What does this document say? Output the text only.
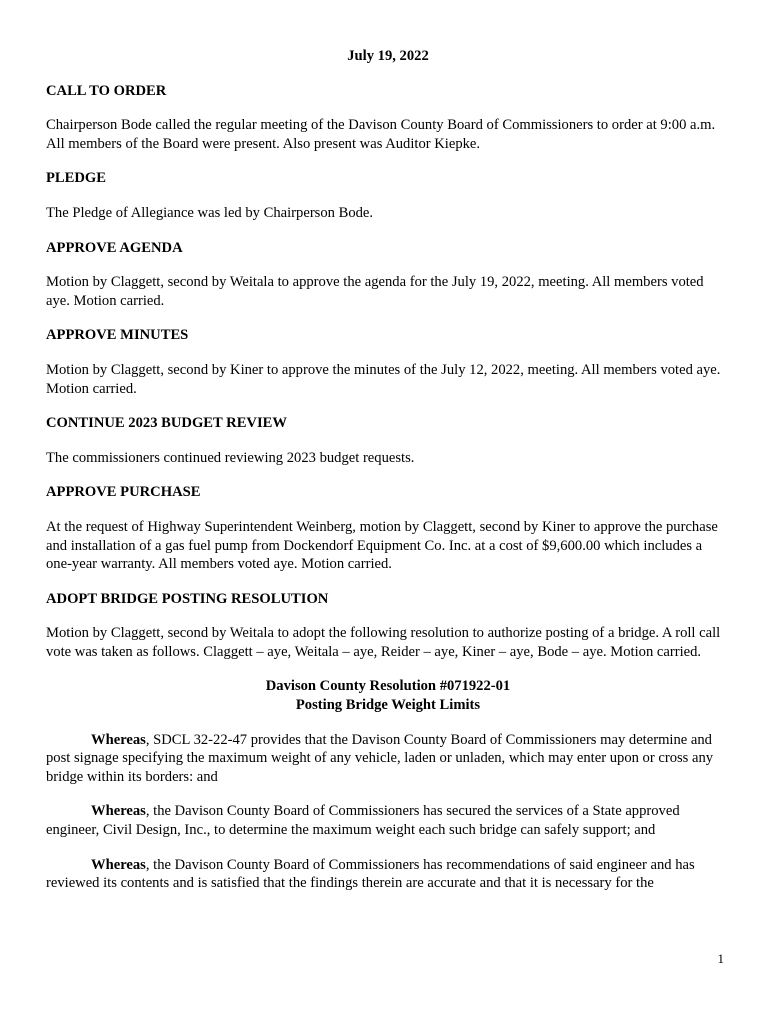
July 19, 2022
CALL TO ORDER
Chairperson Bode called the regular meeting of the Davison County Board of Commissioners to order at 9:00 a.m. All members of the Board were present. Also present was Auditor Kiepke.
PLEDGE
The Pledge of Allegiance was led by Chairperson Bode.
APPROVE AGENDA
Motion by Claggett, second by Weitala to approve the agenda for the July 19, 2022, meeting. All members voted aye. Motion carried.
APPROVE MINUTES
Motion by Claggett, second by Kiner to approve the minutes of the July 12, 2022, meeting. All members voted aye. Motion carried.
CONTINUE 2023 BUDGET REVIEW
The commissioners continued reviewing 2023 budget requests.
APPROVE PURCHASE
At the request of Highway Superintendent Weinberg, motion by Claggett, second by Kiner to approve the purchase and installation of a gas fuel pump from Dockendorf Equipment Co. Inc. at a cost of $9,600.00 which includes a one-year warranty. All members voted aye. Motion carried.
ADOPT BRIDGE POSTING RESOLUTION
Motion by Claggett, second by Weitala to adopt the following resolution to authorize posting of a bridge. A roll call vote was taken as follows. Claggett – aye, Weitala – aye, Reider – aye, Kiner – aye, Bode – aye. Motion carried.
Davison County Resolution #071922-01
Posting Bridge Weight Limits
Whereas, SDCL 32-22-47 provides that the Davison County Board of Commissioners may determine and post signage specifying the maximum weight of any vehicle, laden or unladen, which may enter upon or cross any bridge within its borders: and
Whereas, the Davison County Board of Commissioners has secured the services of a State approved engineer, Civil Design, Inc., to determine the maximum weight each such bridge can safely support; and
Whereas, the Davison County Board of Commissioners has recommendations of said engineer and has reviewed its contents and is satisfied that the findings therein are accurate and that it is necessary for the
1
